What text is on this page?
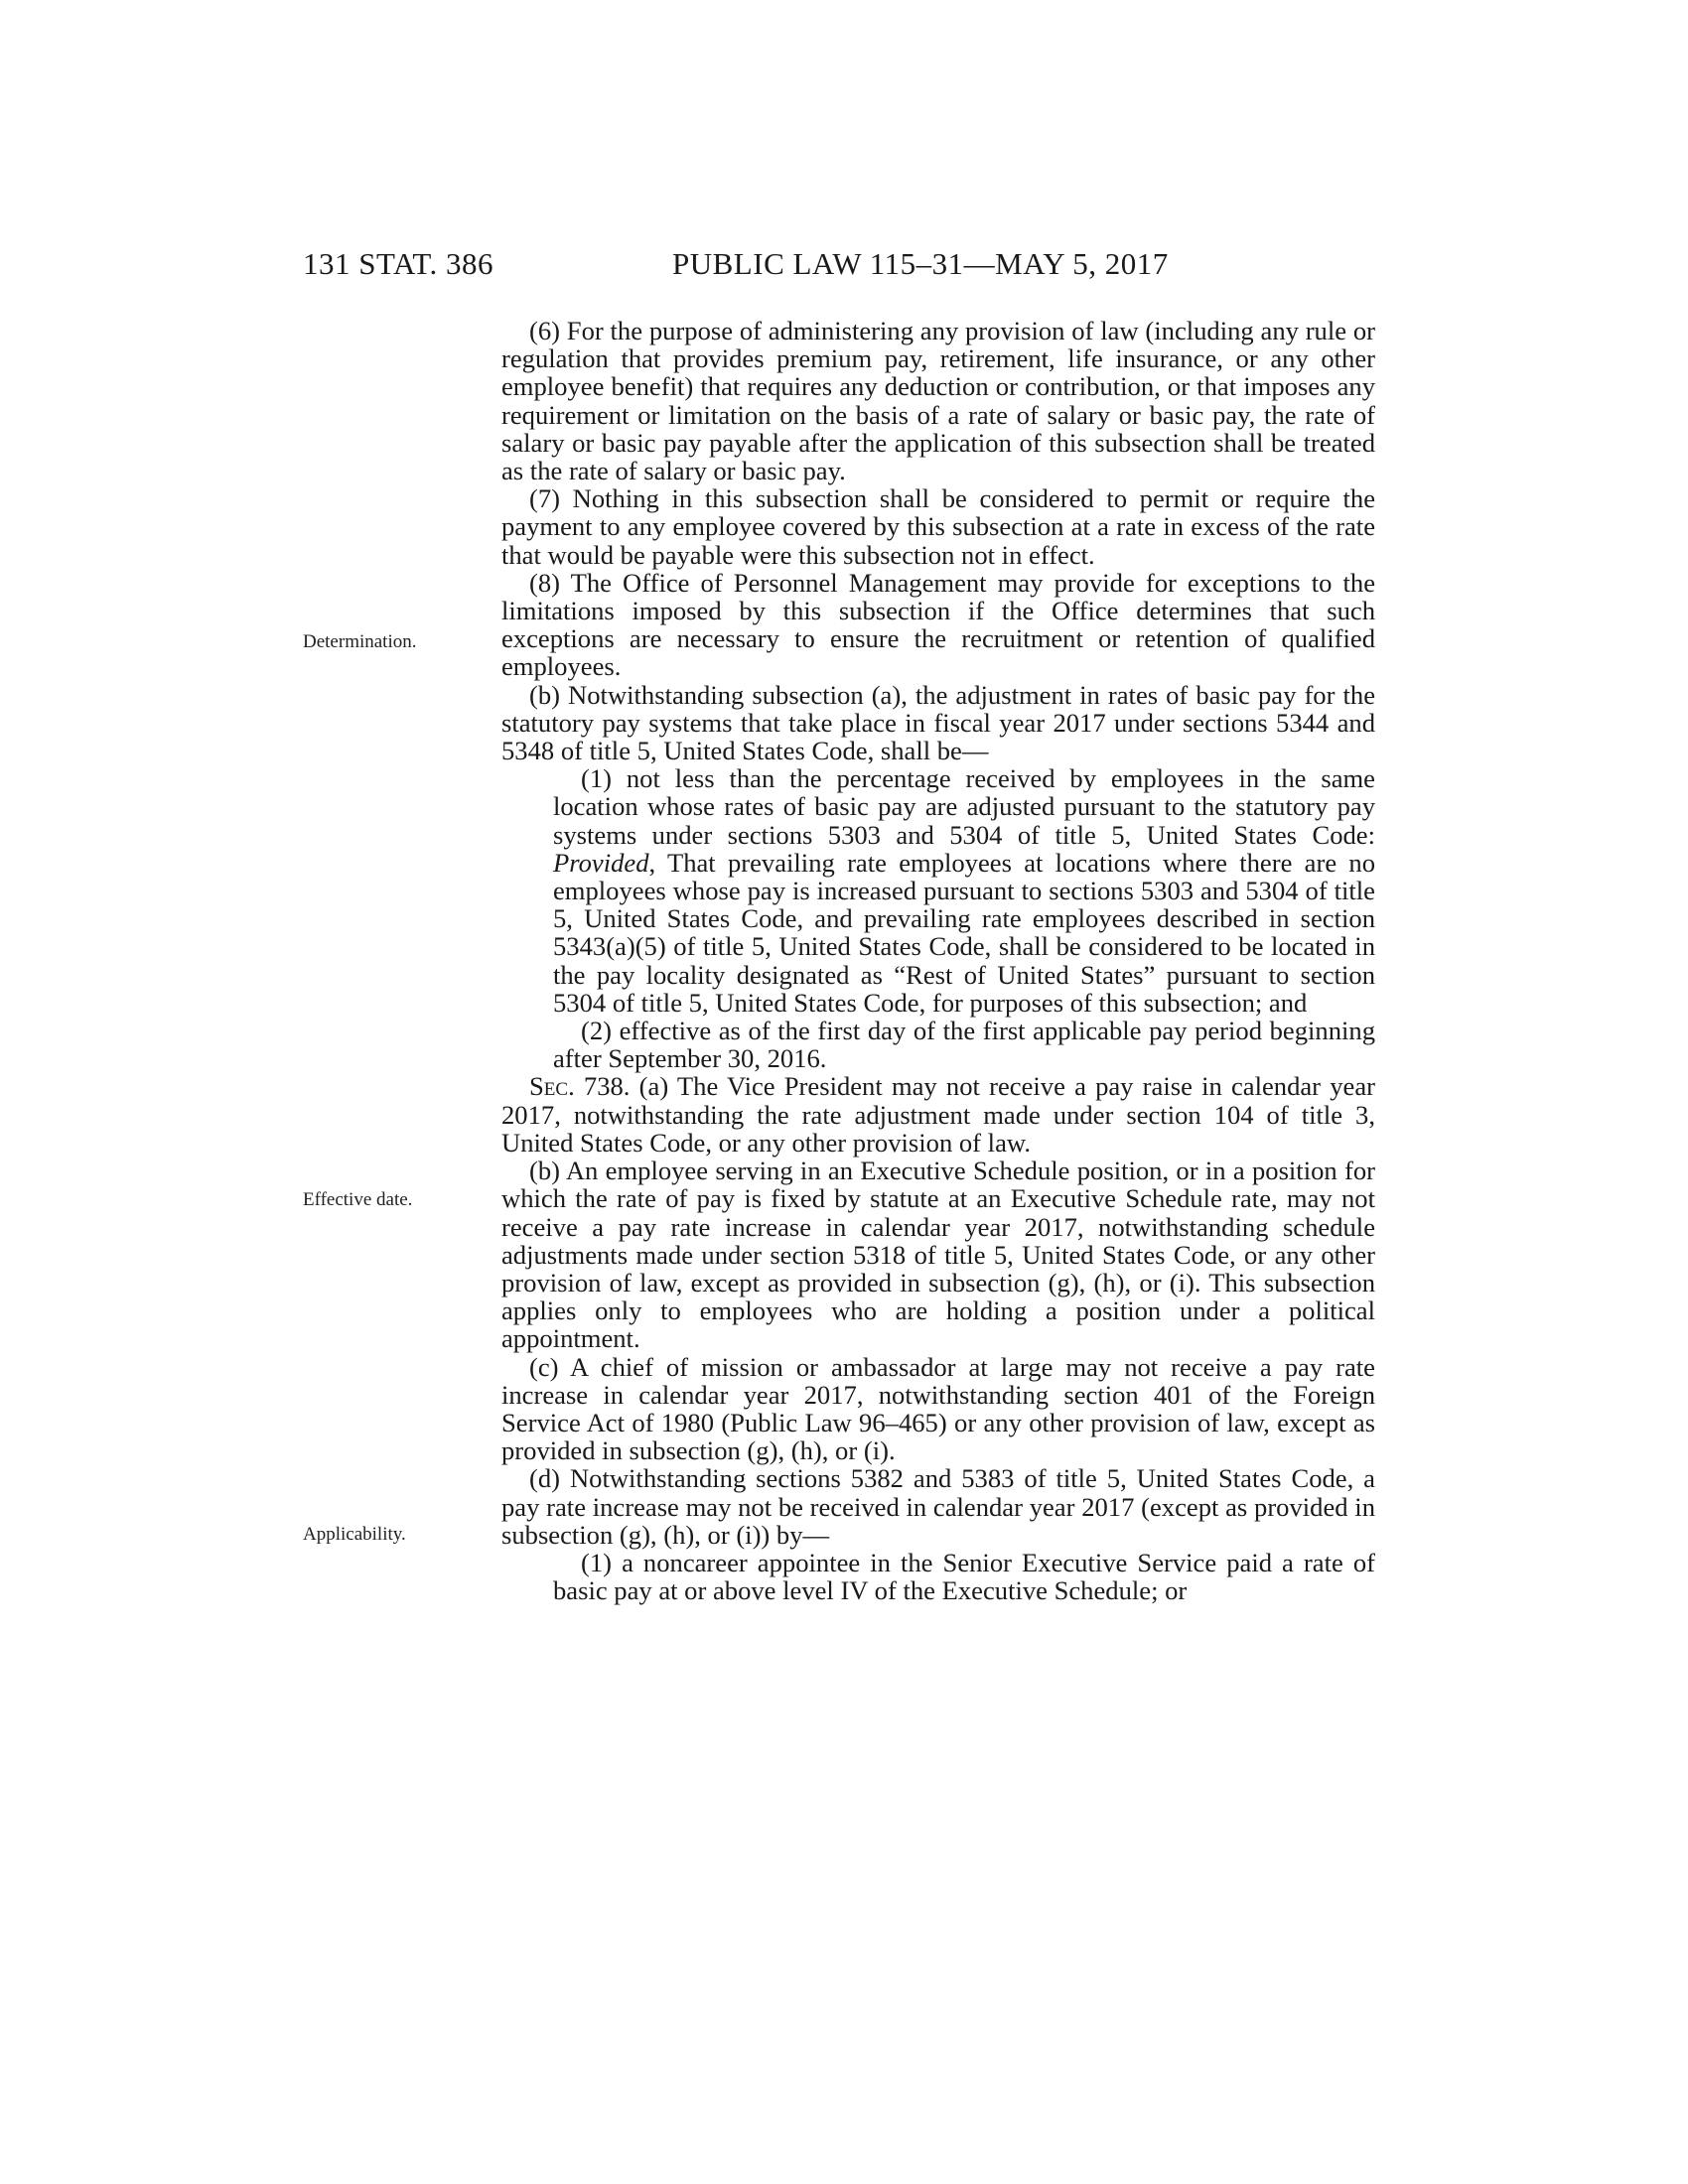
131 STAT. 386	PUBLIC LAW 115–31—MAY 5, 2017
Determination.
Effective date.
Applicability.

(6) For the purpose of administering any provision of law (including any rule or regulation that provides premium pay, retirement, life insurance, or any other employee benefit) that requires any deduction or contribution, or that imposes any requirement or limitation on the basis of a rate of salary or basic pay, the rate of salary or basic pay payable after the application of this subsection shall be treated as the rate of salary or basic pay.

(7) Nothing in this subsection shall be considered to permit or require the payment to any employee covered by this subsection at a rate in excess of the rate that would be payable were this subsection not in effect.

(8) The Office of Personnel Management may provide for exceptions to the limitations imposed by this subsection if the Office determines that such exceptions are necessary to ensure the recruitment or retention of qualified employees.

(b) Notwithstanding subsection (a), the adjustment in rates of basic pay for the statutory pay systems that take place in fiscal year 2017 under sections 5344 and 5348 of title 5, United States Code, shall be—

(1) not less than the percentage received by employees in the same location whose rates of basic pay are adjusted pursuant to the statutory pay systems under sections 5303 and 5304 of title 5, United States Code: Provided, That prevailing rate employees at locations where there are no employees whose pay is increased pursuant to sections 5303 and 5304 of title 5, United States Code, and prevailing rate employees described in section 5343(a)(5) of title 5, United States Code, shall be considered to be located in the pay locality designated as “Rest of United States” pursuant to section 5304 of title 5, United States Code, for purposes of this subsection; and

(2) effective as of the first day of the first applicable pay period beginning after September 30, 2016.

Sec. 738. (a) The Vice President may not receive a pay raise in calendar year 2017, notwithstanding the rate adjustment made under section 104 of title 3, United States Code, or any other provision of law.

(b) An employee serving in an Executive Schedule position, or in a position for which the rate of pay is fixed by statute at an Executive Schedule rate, may not receive a pay rate increase in calendar year 2017, notwithstanding schedule adjustments made under section 5318 of title 5, United States Code, or any other provision of law, except as provided in subsection (g), (h), or (i). This subsection applies only to employees who are holding a position under a political appointment.

(c) A chief of mission or ambassador at large may not receive a pay rate increase in calendar year 2017, notwithstanding section 401 of the Foreign Service Act of 1980 (Public Law 96–465) or any other provision of law, except as provided in subsection (g), (h), or (i).

(d) Notwithstanding sections 5382 and 5383 of title 5, United States Code, a pay rate increase may not be received in calendar year 2017 (except as provided in subsection (g), (h), or (i)) by—

(1) a noncareer appointee in the Senior Executive Service paid a rate of basic pay at or above level IV of the Executive Schedule; or
